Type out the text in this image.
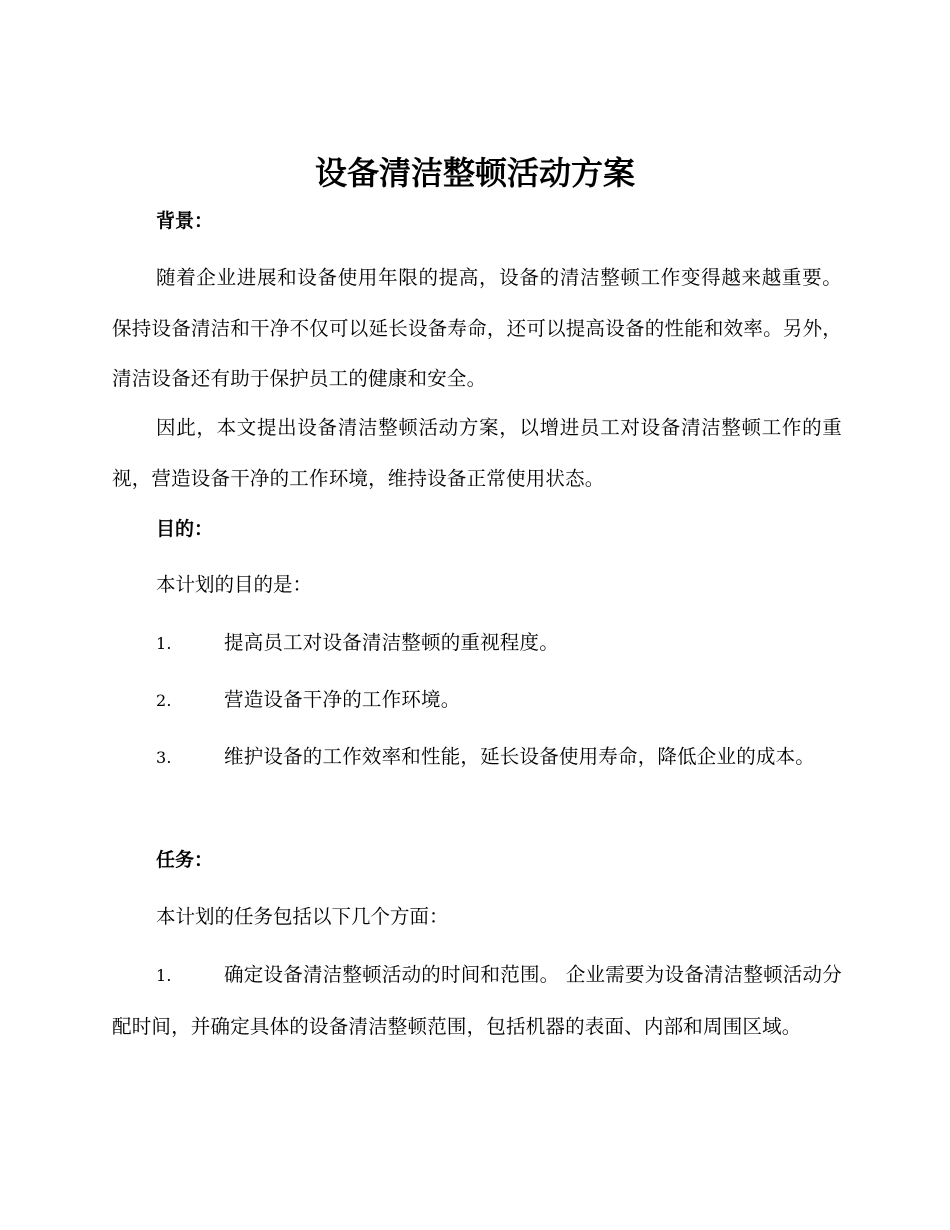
设备清洁整顿活动方案
背景：
随着企业进展和设备使用年限的提高，设备的清洁整顿工作变得越来越重要。保持设备清洁和干净不仅可以延长设备寿命，还可以提高设备的性能和效率。另外，清洁设备还有助于保护员工的健康和安全。
因此，本文提出设备清洁整顿活动方案，以增进员工对设备清洁整顿工作的重视，营造设备干净的工作环境，维持设备正常使用状态。
目的：
本计划的目的是：
1.	提高员工对设备清洁整顿的重视程度。
2.	营造设备干净的工作环境。
3.	维护设备的工作效率和性能，延长设备使用寿命，降低企业的成本。
任务：
本计划的任务包括以下几个方面：
1.	确定设备清洁整顿活动的时间和范围。 企业需要为设备清洁整顿活动分配时间，并确定具体的设备清洁整顿范围，包括机器的表面、内部和周围区域。
